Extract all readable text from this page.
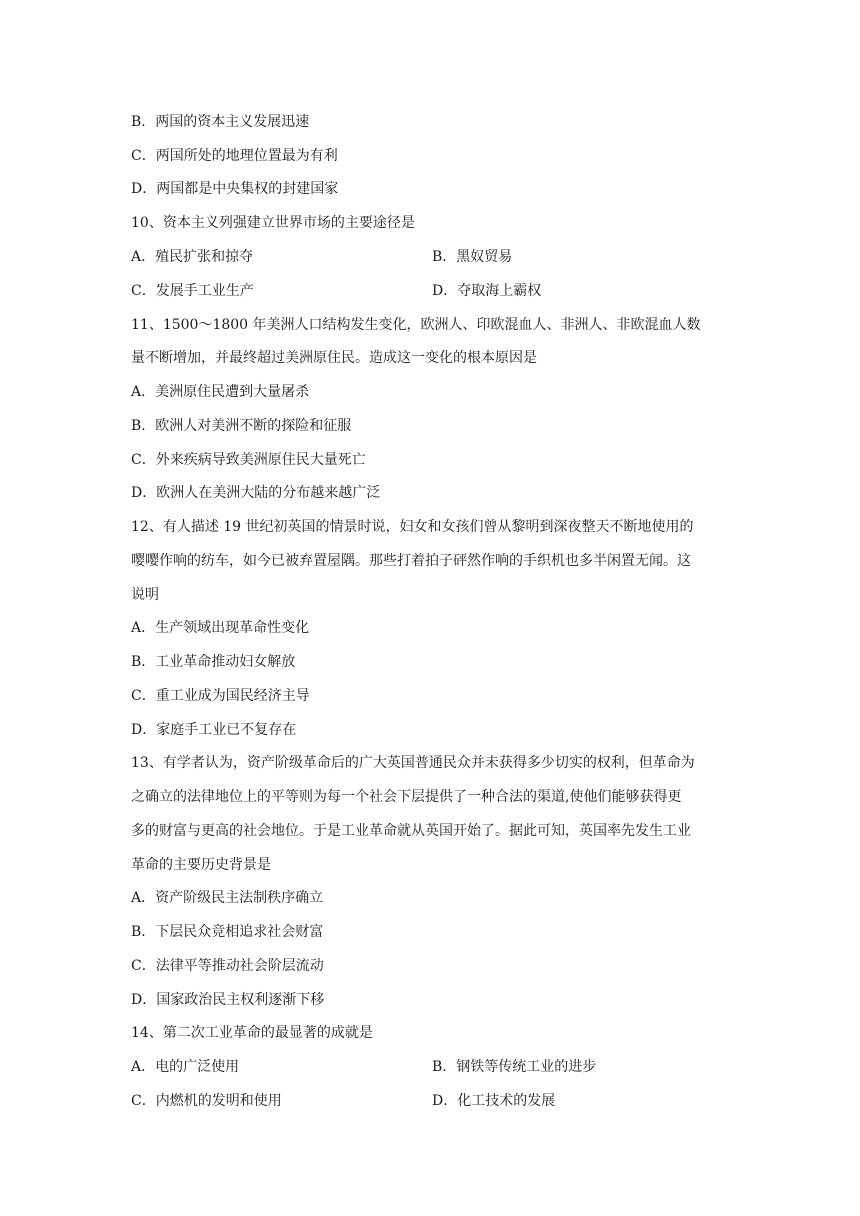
B．两国的资本主义发展迅速
C．两国所处的地理位置最为有利
D．两国都是中央集权的封建国家
10、资本主义列强建立世界市场的主要途径是
A．殖民扩张和掠夺	B．黑奴贸易
C．发展手工业生产	D．夺取海上霸权
11、1500～1800 年美洲人口结构发生变化，欧洲人、印欧混血人、非洲人、非欧混血人数
量不断增加，并最终超过美洲原住民。造成这一变化的根本原因是
A．美洲原住民遭到大量屠杀
B．欧洲人对美洲不断的探险和征服
C．外来疾病导致美洲原住民大量死亡
D．欧洲人在美洲大陆的分布越来越广泛
12、有人描述 19 世纪初英国的情景时说，妇女和女孩们曾从黎明到深夜整天不断地使用的
嘤嘤作响的纺车，如今已被弃置屋隅。那些打着拍子砰然作响的手织机也多半闲置无闻。这
说明
A．生产领域出现革命性变化
B．工业革命推动妇女解放
C．重工业成为国民经济主导
D．家庭手工业已不复存在
13、有学者认为，资产阶级革命后的广大英国普通民众并未获得多少切实的权利，但革命为
之确立的法律地位上的平等则为每一个社会下层提供了一种合法的渠道,使他们能够获得更
多的财富与更高的社会地位。于是工业革命就从英国开始了。据此可知，英国率先发生工业
革命的主要历史背景是
A．资产阶级民主法制秩序确立
B．下层民众竞相追求社会财富
C．法律平等推动社会阶层流动
D．国家政治民主权利逐渐下移
14、第二次工业革命的最显著的成就是
A．电的广泛使用	B．钢铁等传统工业的进步
C．内燃机的发明和使用	D．化工技术的发展
